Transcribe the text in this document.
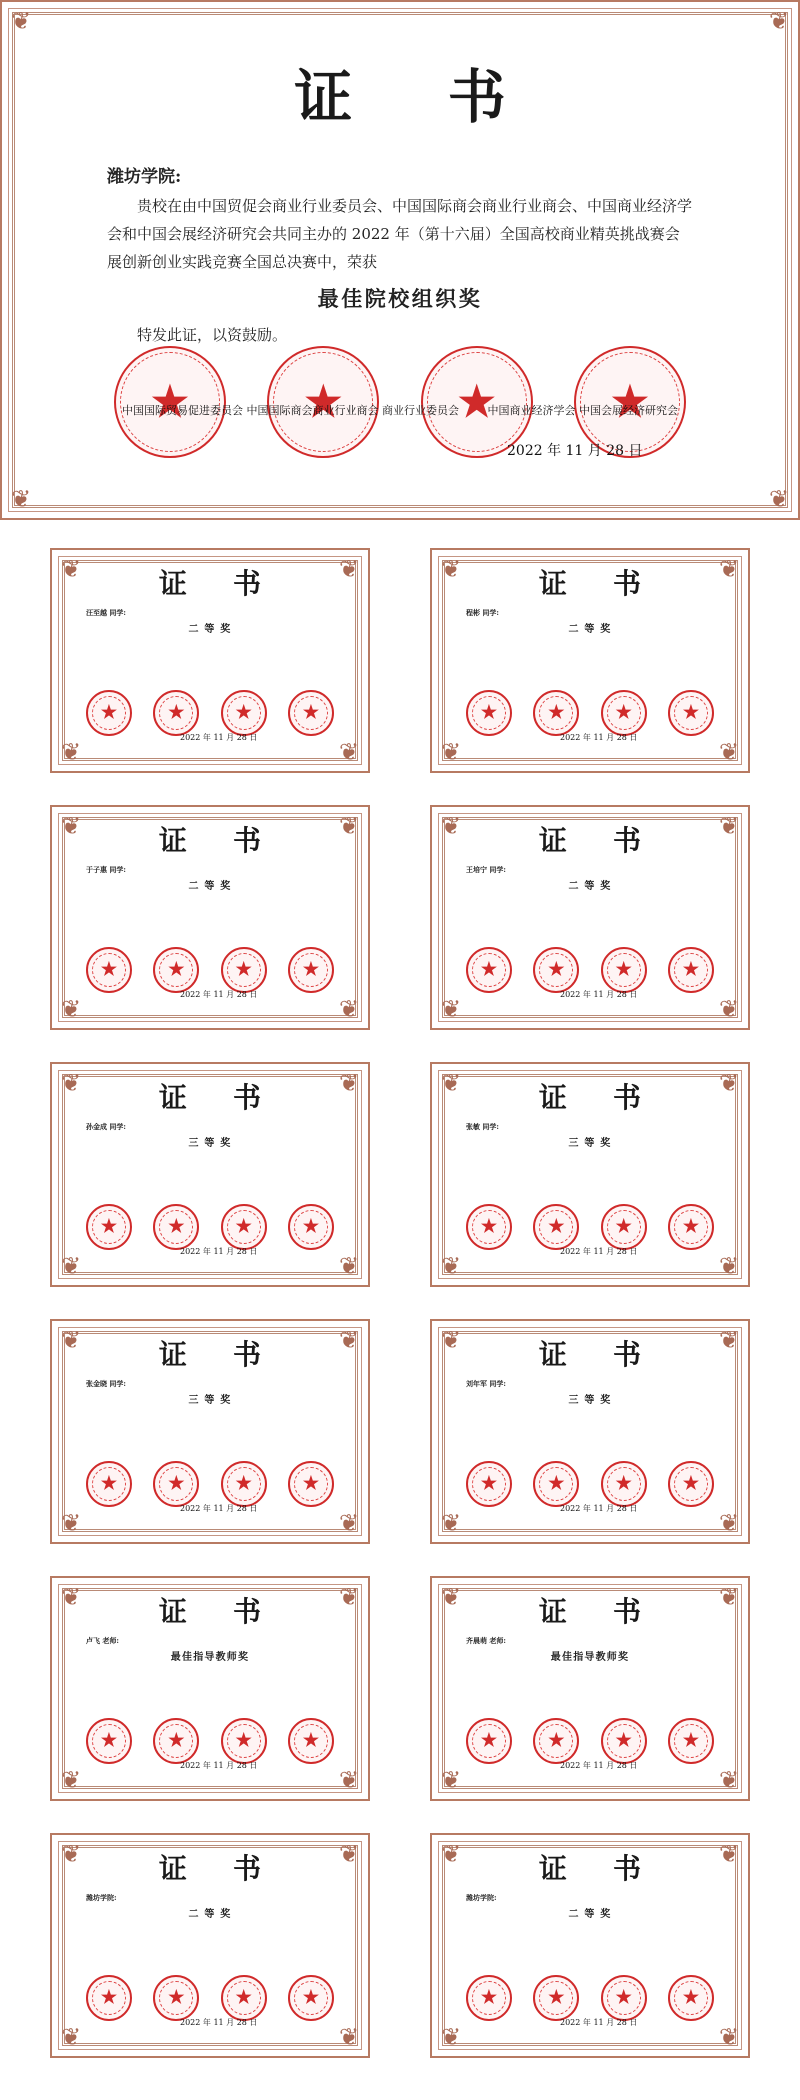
❦	❦
❦	❦
证 书
潍坊学院:
贵校在由中国贸促会商业行业委员会、中国国际商会商业行业商会、中国商业经济学会和中国会展经济研究会共同主办的 2022 年（第十六届）全国高校商业精英挑战赛会展创新创业实践竞赛全国总决赛中，荣获
最佳院校组织奖
特发此证，以资鼓励。
★	★	★	★
中国国际贸易促进委员会 中国国际商会商业行业商会 商业行业委员会	中国商业经济学会 中国会展经济研究会
2022 年 11 月 28 日
❦	❦
❦	❦
证 书
汪至越 同学:
二 等 奖
★	★	★	★
2022 年 11 月 28 日
❦	❦
❦	❦
证 书
程彬 同学:
二 等 奖
★	★	★	★
2022 年 11 月 28 日
❦	❦
❦	❦
证 书
于子惠 同学:
二 等 奖
★	★	★	★
2022 年 11 月 28 日
❦	❦
❦	❦
证 书
王培宁 同学:
二 等 奖
★	★	★	★
2022 年 11 月 28 日
❦	❦
❦	❦
证 书
孙金成 同学:
三 等 奖
★	★	★	★
2022 年 11 月 28 日
❦	❦
❦	❦
证 书
张敏 同学:
三 等 奖
★	★	★	★
2022 年 11 月 28 日
❦	❦
❦	❦
证 书
张金晓 同学:
三 等 奖
★	★	★	★
2022 年 11 月 28 日
❦	❦
❦	❦
证 书
刘年军 同学:
三 等 奖
★	★	★	★
2022 年 11 月 28 日
❦	❦
❦	❦
证 书
卢飞 老师:
最佳指导教师奖
★	★	★	★
2022 年 11 月 28 日
❦	❦
❦	❦
证 书
齐晨萌 老师:
最佳指导教师奖
★	★	★	★
2022 年 11 月 28 日
❦	❦
❦	❦
证 书
潍坊学院:
二 等 奖
★	★	★	★
2022 年 11 月 28 日
❦	❦
❦	❦
证 书
潍坊学院:
二 等 奖
★	★	★	★
2022 年 11 月 28 日
